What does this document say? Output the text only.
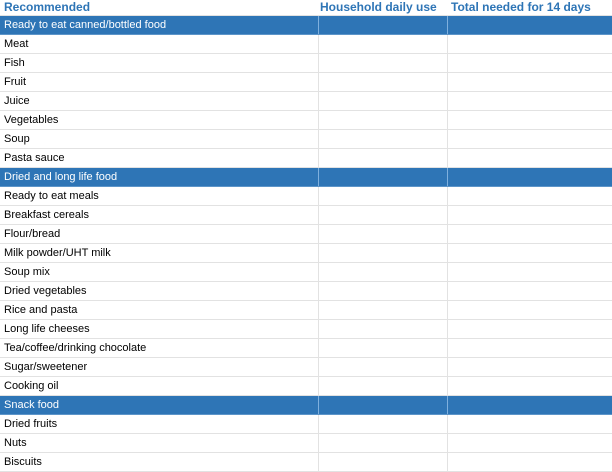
Recommended	Household daily use	Total needed for 14 days
Ready to eat canned/bottled food		
Meat		
Fish		
Fruit		
Juice		
Vegetables		
Soup		
Pasta sauce		
Dried and long life food		
Ready to eat meals		
Breakfast cereals		
Flour/bread		
Milk powder/UHT milk		
Soup mix		
Dried vegetables		
Rice and pasta		
Long life cheeses		
Tea/coffee/drinking chocolate		
Sugar/sweetener		
Cooking oil		
Snack food		
Dried fruits		
Nuts		
Biscuits		
